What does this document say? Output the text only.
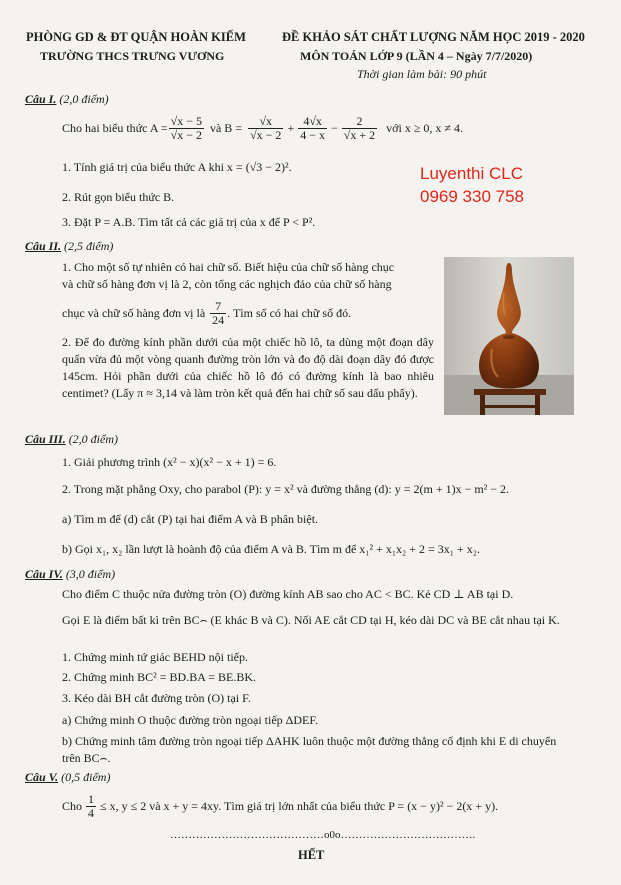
PHÒNG GD & ĐT QUẬN HOÀN KIẾM
TRƯỜNG THCS TRƯNG VƯƠNG
ĐỀ KHẢO SÁT CHẤT LƯỢNG NĂM HỌC 2019 - 2020
MÔN TOÁN LỚP 9 (LẦN 4 – Ngày 7/7/2020)
Thời gian làm bài: 90 phút
Luyenthi CLC
0969 330 758
Câu I. (2,0 điểm)
Cho hai biểu thức $A = \frac{√x - 5}{√x - 2}$ và $B = \frac{√x}{√x - 2} + \frac{4√x}{4 - x} - \frac{2}{√x + 2}$ với x ≥ 0, x ≠ 4.
1. Tính giá trị của biểu thức A khi x = (√3 − 2)².
2. Rút gọn biểu thức B.
3. Đặt P = A.B. Tìm tất cả các giá trị của x để P < P².
Câu II. (2,5 điểm)
1. Cho một số tự nhiên có hai chữ số. Biết hiệu của chữ số hàng chục
và chữ số hàng đơn vị là 2, còn tổng các nghịch đảo của chữ số hàng
chục và chữ số hàng đơn vị là $\frac{7}{24}$ . Tìm số có hai chữ số đó.
2. Để đo đường kính phần dưới của một chiếc hồ lô, ta dùng một đoạn dây quấn vừa đủ một vòng quanh đường tròn lớn và đo độ dài đoạn dây đó được 145cm. Hỏi phần dưới của chiếc hồ lô đó có đường kính là bao nhiêu centimet? (Lấy π ≈ 3,14 và làm tròn kết quả đến hai chữ số sau dấu phẩy).
Câu III. (2,0 điểm)
1. Giải phương trình (x² − x)(x² − x + 1) = 6.
2. Trong mặt phẳng Oxy, cho parabol (P): y = x² và đường thẳng (d): y = 2(m + 1)x − m² − 2.
a) Tìm m để (d) cắt (P) tại hai điểm A và B phân biệt.
b) Gọi x₁, x₂ lần lượt là hoành độ của điểm A và B. Tìm m để x₁² + x₁x₂ + 2 = 3x₁ + x₂.
Câu IV. (3,0 điểm)
Cho điểm C thuộc nửa đường tròn (O) đường kính AB sao cho AC < BC. Kẻ CD ⊥ AB tại D.
Gọi E là điểm bất kì trên BC⌢ (E khác B và C). Nối AE cắt CD tại H, kéo dài DC và BE cắt nhau tại K.
1. Chứng minh tứ giác BEHD nội tiếp.
2. Chứng minh BC² = BD.BA = BE.BK.
3. Kéo dài BH cắt đường tròn (O) tại F.
a) Chứng minh O thuộc đường tròn ngoại tiếp ΔDEF.
b) Chứng minh tâm đường tròn ngoại tiếp ΔAHK luôn thuộc một đường thẳng cố định khi E di chuyển trên BC⌢.
Câu V. (0,5 điểm)
Cho $\frac{1}{4} \le x$, y ≤ 2 và x + y = 4xy. Tìm giá trị lớn nhất của biểu thức P = (x − y)² − 2(x + y).
……………………………………o0o……………………………….
HẾT
